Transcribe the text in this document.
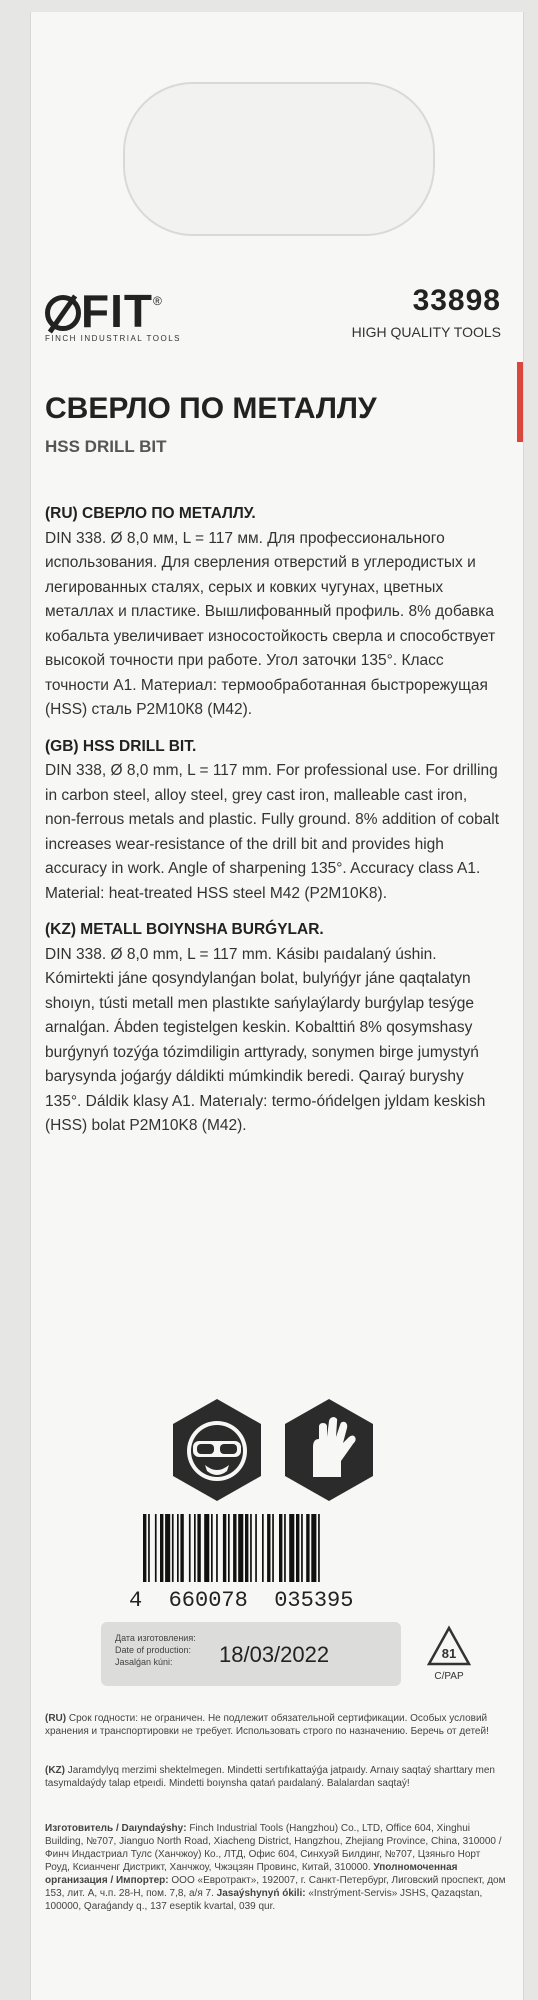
FIT®
FINCH INDUSTRIAL TOOLS
33898
HIGH QUALITY TOOLS
СВЕРЛО ПО МЕТАЛЛУ
HSS DRILL BIT
(RU) СВЕРЛО ПО МЕТАЛЛУ.

DIN 338. Ø 8,0 мм, L = 117 мм. Для профессионального использования. Для сверления отверстий в углеродистых и легированных сталях, серых и ковких чугунах, цветных металлах и пластике. Вышлифованный профиль. 8% добавка кобальта увеличивает износостойкость сверла и способствует высокой точности при работе. Угол заточки 135°. Класс точности А1. Материал: термообработанная быстрорежущая (HSS) сталь Р2М10К8 (М42).

(GB) HSS DRILL BIT.

DIN 338, Ø 8,0 mm, L = 117 mm. For professional use. For drilling in carbon steel, alloy steel, grey cast iron, malleable cast iron, non-ferrous metals and plastic. Fully ground. 8% addition of cobalt increases wear-resistance of the drill bit and provides high accuracy in work. Angle of sharpening 135°. Accuracy class A1. Material: heat-treated HSS steel M42 (P2M10K8).

(KZ) METALL BOIYNSHA BURǴYLAR.

DIN 338. Ø 8,0 mm, L = 117 mm. Kásibı paıdalaný úshin. Kómirtekti jáne qosyndylanǵan bolat, bulyńǵyr jáne qaqtalatyn shoıyn, tústi metall men plastıkte sańylaýlardy burǵylap tesýge arnalǵan. Ábden tegistelgen keskin. Kobalttiń 8% qosymshasy burǵynyń tozýǵa tózimdiligin arttyrady, sonymen birge jumystyń barysynda joǵarǵy dáldikti múmkindik beredi. Qaıraý buryshy 135°. Dáldik klasy A1. Materıaly: termo-óńdelgen jyldam keskish (HSS) bolat P2M10K8 (M42).

4  660078  035395
Дата изготовления:
Date of production:
Jasalǵan kúni:	18/03/2022	81
C/PAP
(RU) Срок годности: не ограничен. Не подлежит обязательной сертификации. Особых условий хранения и транспортировки не требует. Использовать строго по назначению. Беречь от детей!
(KZ) Jaramdylyq merzimi shektelmegen. Mindetti sertıfıkattaýǵa jatpaıdy. Arnaıy saqtaý sharttary men tasymaldaýdy talap etpeıdi. Mindetti boıynsha qatań paıdalaný. Balalardan saqtaý!
Изготовитель / Daıyndaýshy: Finch Industrial Tools (Hangzhou) Co., LTD, Office 604, Xinghui Building, №707, Jianguo North Road, Xiacheng District, Hangzhou, Zhejiang Province, China, 310000 / Финч Индастриал Тулс (Ханчжоу) Ко., ЛТД, Офис 604, Синхуэй Билдинг, №707, Цзяньго Норт Роуд, Ксианченг Дистрикт, Ханчжоу, Чжэцзян Провинс, Китай, 310000. Уполномоченная организация / Импортер: ООО «Евротракт», 192007, г. Санкт-Петербург, Лиговский проспект, дом 153, лит. А, ч.п. 28-Н, пом. 7,8, а/я 7. Jasaýshynyń ókili: «Instrýment-Servis» JSHS, Qazaqstan, 100000, Qaraǵandy q., 137 eseptik kvartal, 039 qur.
